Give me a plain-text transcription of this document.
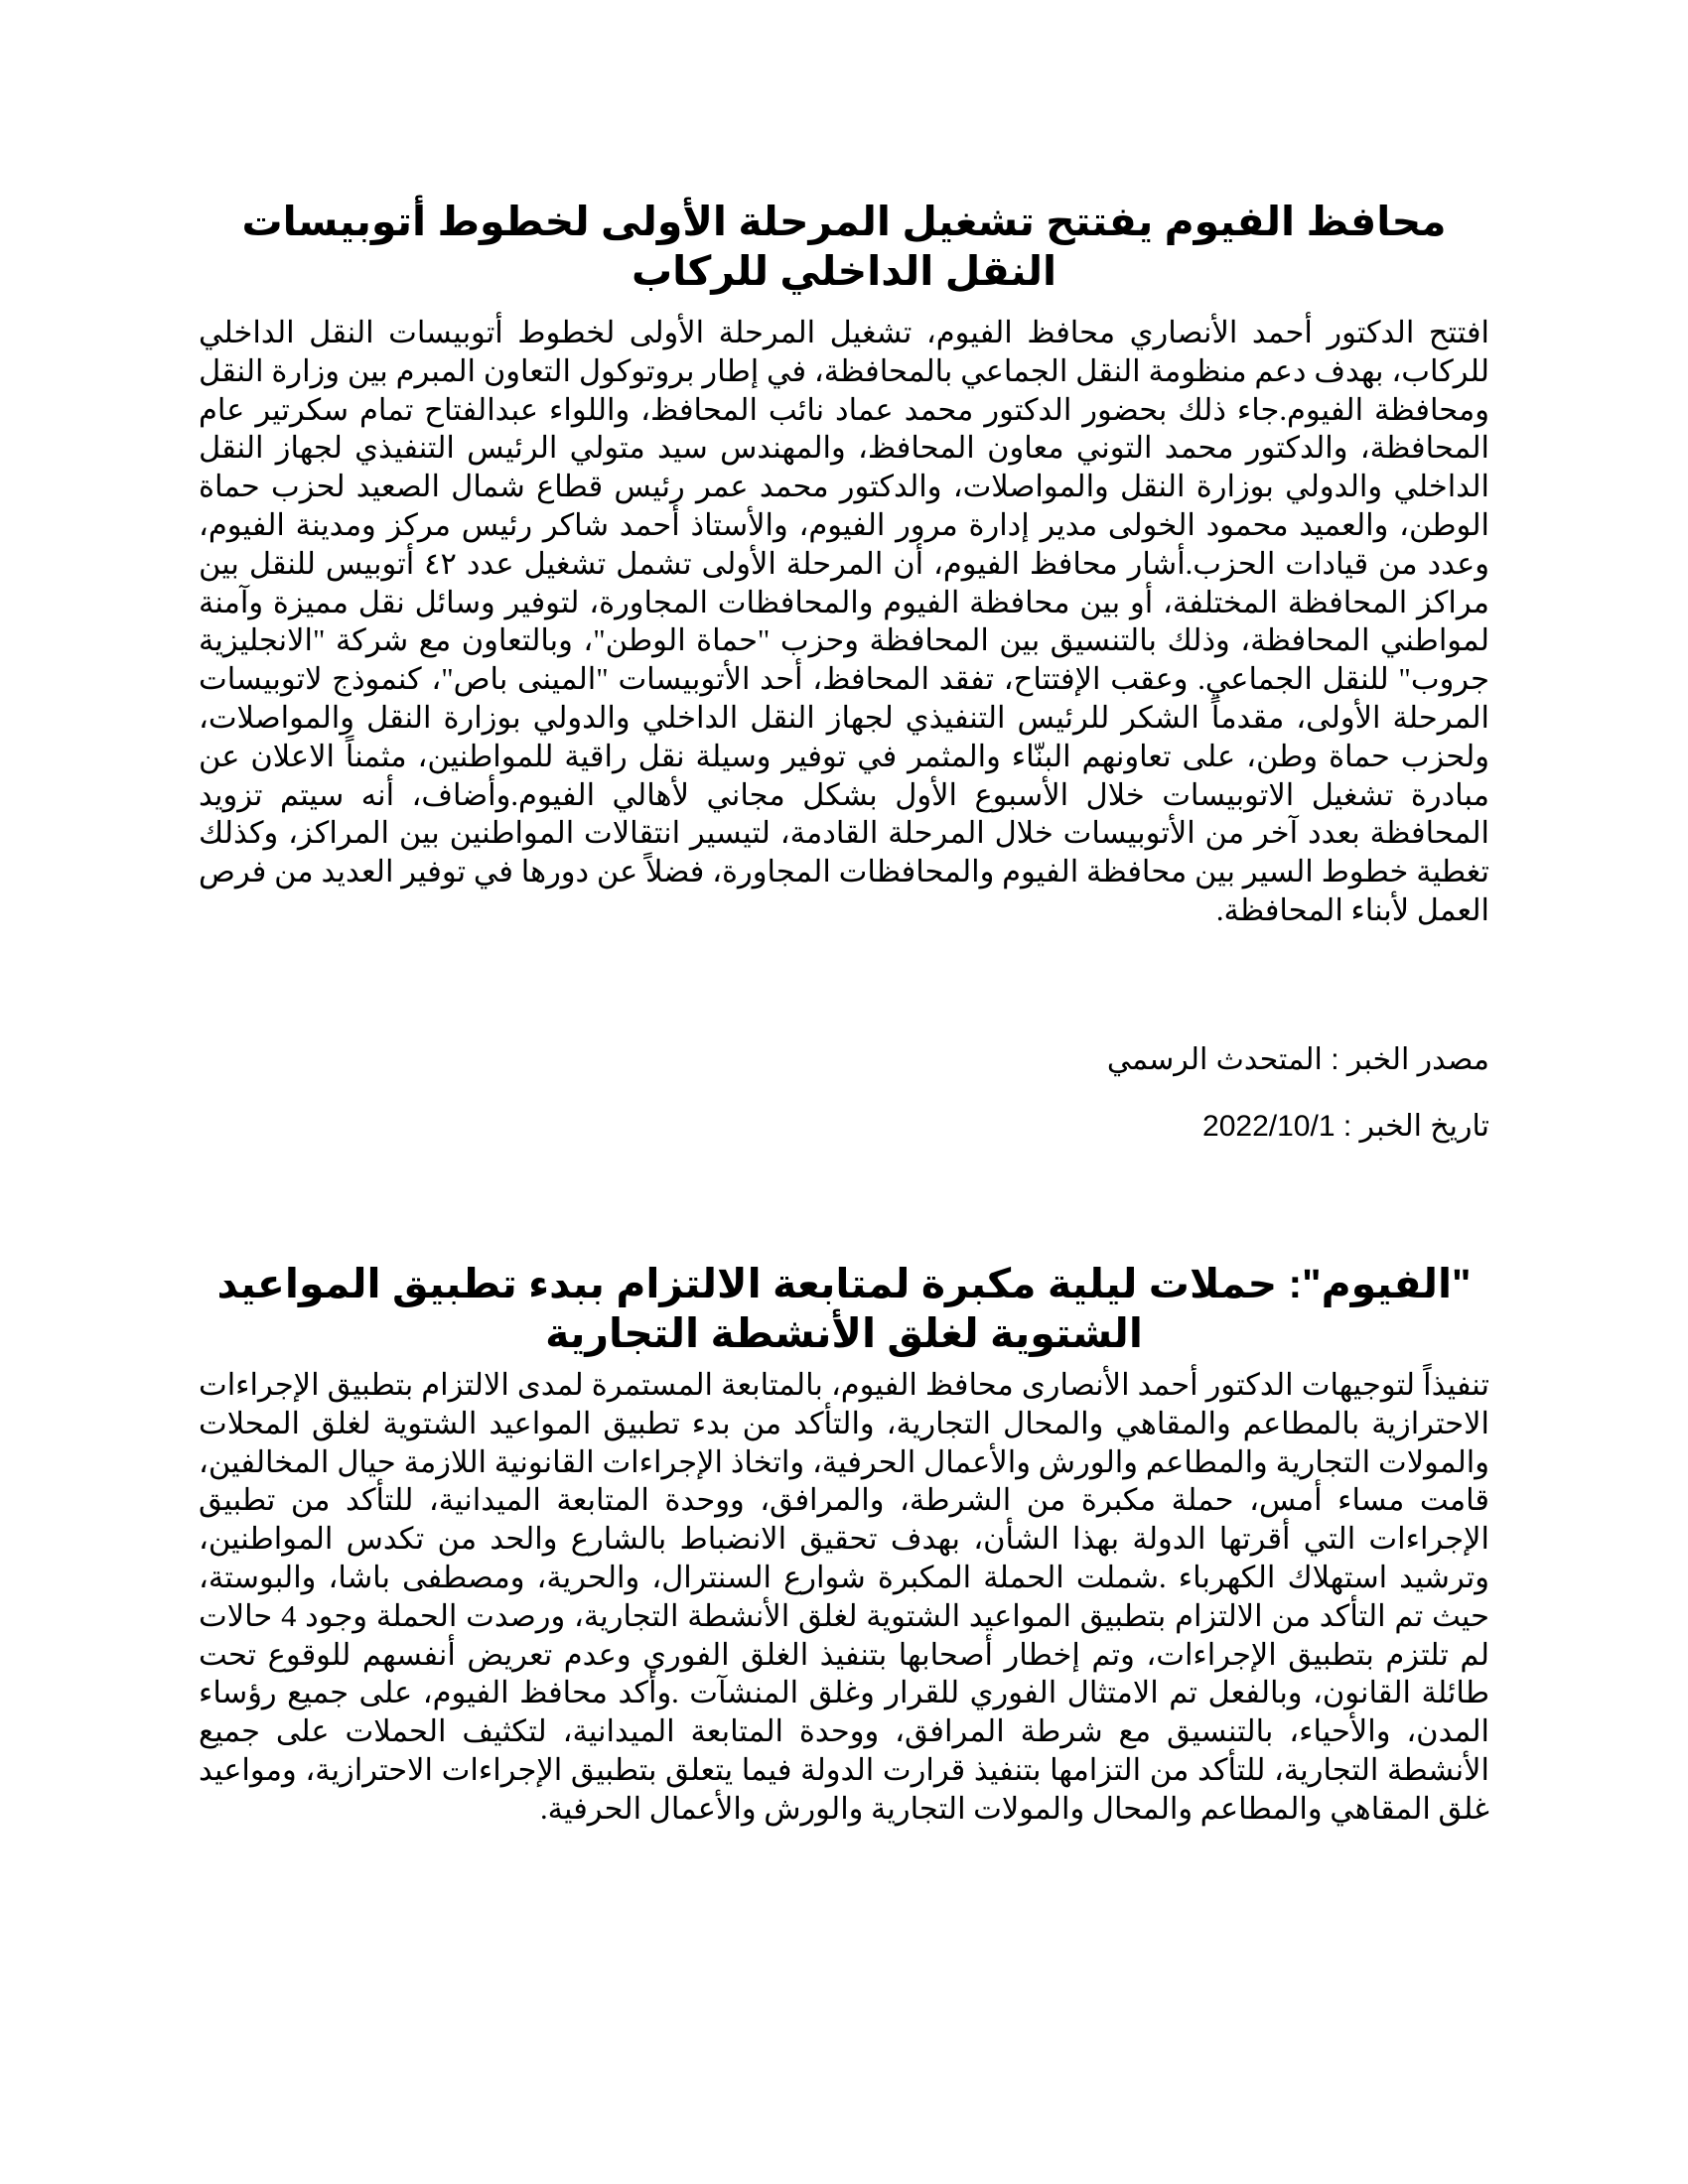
محافظ الفيوم يفتتح تشغيل المرحلة الأولى لخطوط أتوبيسات النقل الداخلي للركاب

افتتح الدكتور أحمد الأنصاري محافظ الفيوم، تشغيل المرحلة الأولى لخطوط أتوبيسات النقل الداخلي للركاب، بهدف دعم منظومة النقل الجماعي بالمحافظة، في إطار بروتوكول التعاون المبرم بين وزارة النقل ومحافظة الفيوم.جاء ذلك بحضور الدكتور محمد عماد نائب المحافظ، واللواء عبدالفتاح تمام سكرتير عام المحافظة، والدكتور محمد التوني معاون المحافظ، والمهندس سيد متولي الرئيس التنفيذي لجهاز النقل الداخلي والدولي بوزارة النقل والمواصلات، والدكتور محمد عمر رئيس قطاع شمال الصعيد لحزب حماة الوطن، والعميد محمود الخولى مدير إدارة مرور الفيوم، والأستاذ أحمد شاكر رئيس مركز ومدينة الفيوم، وعدد من قيادات الحزب.أشار محافظ الفيوم، أن المرحلة الأولى تشمل تشغيل عدد ٤٢ أتوبيس للنقل بين مراكز المحافظة المختلفة، أو بين محافظة الفيوم والمحافظات المجاورة، لتوفير وسائل نقل مميزة وآمنة لمواطني المحافظة، وذلك بالتنسيق بين المحافظة وحزب "حماة الوطن"، وبالتعاون مع شركة "الانجليزية جروب" للنقل الجماعي. وعقب الإفتتاح، تفقد المحافظ، أحد الأتوبيسات "المينى باص"، كنموذج لاتوبيسات المرحلة الأولى، مقدماً الشكر للرئيس التنفيذي لجهاز النقل الداخلي والدولي بوزارة النقل والمواصلات، ولحزب حماة وطن، على تعاونهم البنّاء والمثمر في توفير وسيلة نقل راقية للمواطنين، مثمناً الاعلان عن مبادرة تشغيل الاتوبيسات خلال الأسبوع الأول بشكل مجاني لأهالي الفيوم.وأضاف، أنه سيتم تزويد المحافظة بعدد آخر من الأتوبيسات خلال المرحلة القادمة، لتيسير انتقالات المواطنين بين المراكز، وكذلك تغطية خطوط السير بين محافظة الفيوم والمحافظات المجاورة، فضلاً عن دورها في توفير العديد من فرص العمل لأبناء المحافظة.

مصدر الخبر : المتحدث الرسمي

تاريخ الخبر : 2022/10/1

"الفيوم": حملات ليلية مكبرة لمتابعة الالتزام ببدء تطبيق المواعيد الشتوية لغلق الأنشطة التجارية

تنفيذاً لتوجيهات الدكتور أحمد الأنصارى محافظ الفيوم، بالمتابعة المستمرة لمدى الالتزام بتطبيق الإجراءات الاحترازية بالمطاعم والمقاهي والمحال التجارية، والتأكد من بدء تطبيق المواعيد الشتوية لغلق المحلات والمولات التجارية والمطاعم والورش والأعمال الحرفية، واتخاذ الإجراءات القانونية اللازمة حيال المخالفين، قامت مساء أمس، حملة مكبرة من الشرطة، والمرافق، ووحدة المتابعة الميدانية، للتأكد من تطبيق الإجراءات التي أقرتها الدولة بهذا الشأن، بهدف تحقيق الانضباط بالشارع والحد من تكدس المواطنين، وترشيد استهلاك الكهرباء .شملت الحملة المكبرة شوارع السنترال، والحرية، ومصطفى باشا، والبوستة، حيث تم التأكد من الالتزام بتطبيق المواعيد الشتوية لغلق الأنشطة التجارية، ورصدت الحملة وجود 4 حالات لم تلتزم بتطبيق الإجراءات، وتم إخطار أصحابها بتنفيذ الغلق الفوري وعدم تعريض أنفسهم للوقوع تحت طائلة القانون، وبالفعل تم الامتثال الفوري للقرار وغلق المنشآت .وأكد محافظ الفيوم، على جميع رؤساء المدن، والأحياء، بالتنسيق مع شرطة المرافق، ووحدة المتابعة الميدانية، لتكثيف الحملات على جميع الأنشطة التجارية، للتأكد من التزامها بتنفيذ قرارت الدولة فيما يتعلق بتطبيق الإجراءات الاحترازية، ومواعيد غلق المقاهي والمطاعم والمحال والمولات التجارية والورش والأعمال الحرفية.
